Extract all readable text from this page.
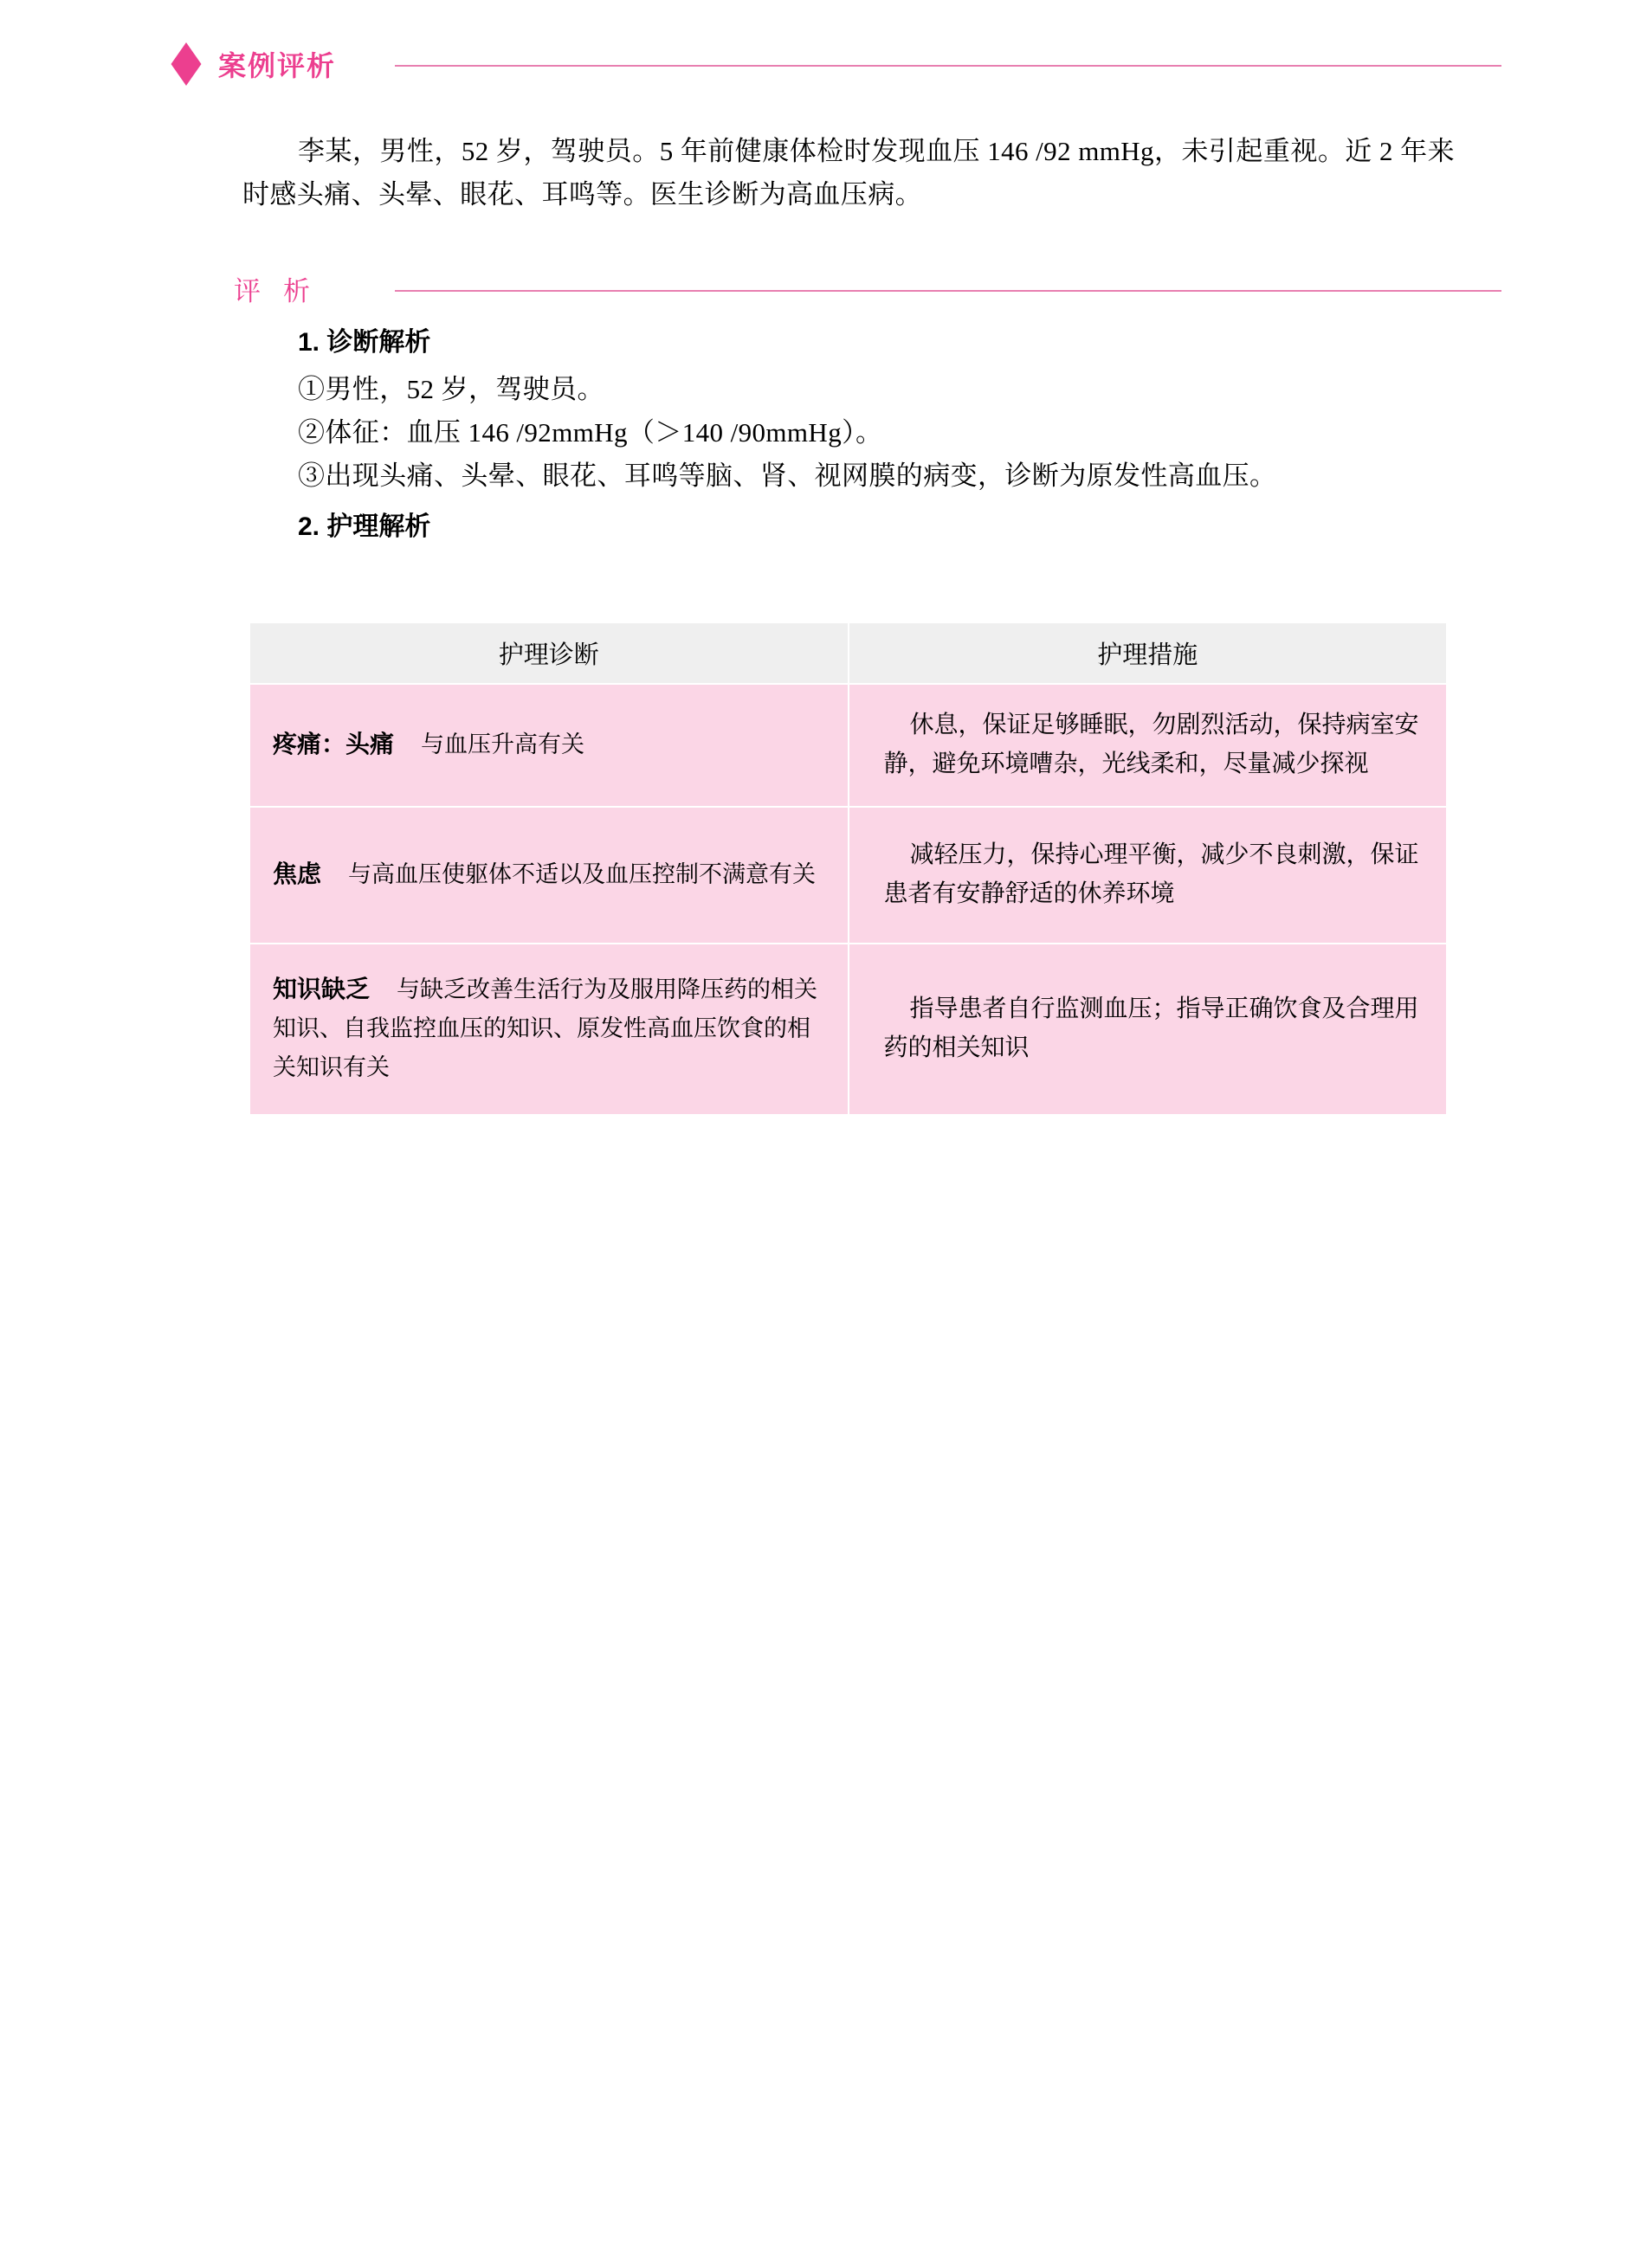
案例评析
李某，男性，52 岁，驾驶员。5 年前健康体检时发现血压 146 /92 mmHg，未引起重视。近 2 年来时感头痛、头晕、眼花、耳鸣等。医生诊断为高血压病。
评析
1. 诊断解析
①男性，52 岁，驾驶员。
②体征：血压 146 /92mmHg（＞140 /90mmHg）。
③出现头痛、头晕、眼花、耳鸣等脑、肾、视网膜的病变，诊断为原发性高血压。
2. 护理解析
护理诊断	护理措施
疼痛：头痛 与血压升高有关	休息，保证足够睡眠，勿剧烈活动，保持病室安静，避免环境嘈杂，光线柔和，尽量减少探视

焦虑 与高血压使躯体不适以及血压控制不满意有关	减轻压力，保持心理平衡，减少不良刺激，保证患者有安静舒适的休养环境

知识缺乏 与缺乏改善生活行为及服用降压药的相关知识、自我监控血压的知识、原发性高血压饮食的相关知识有关	指导患者自行监测血压；指导正确饮食及合理用药的相关知识
